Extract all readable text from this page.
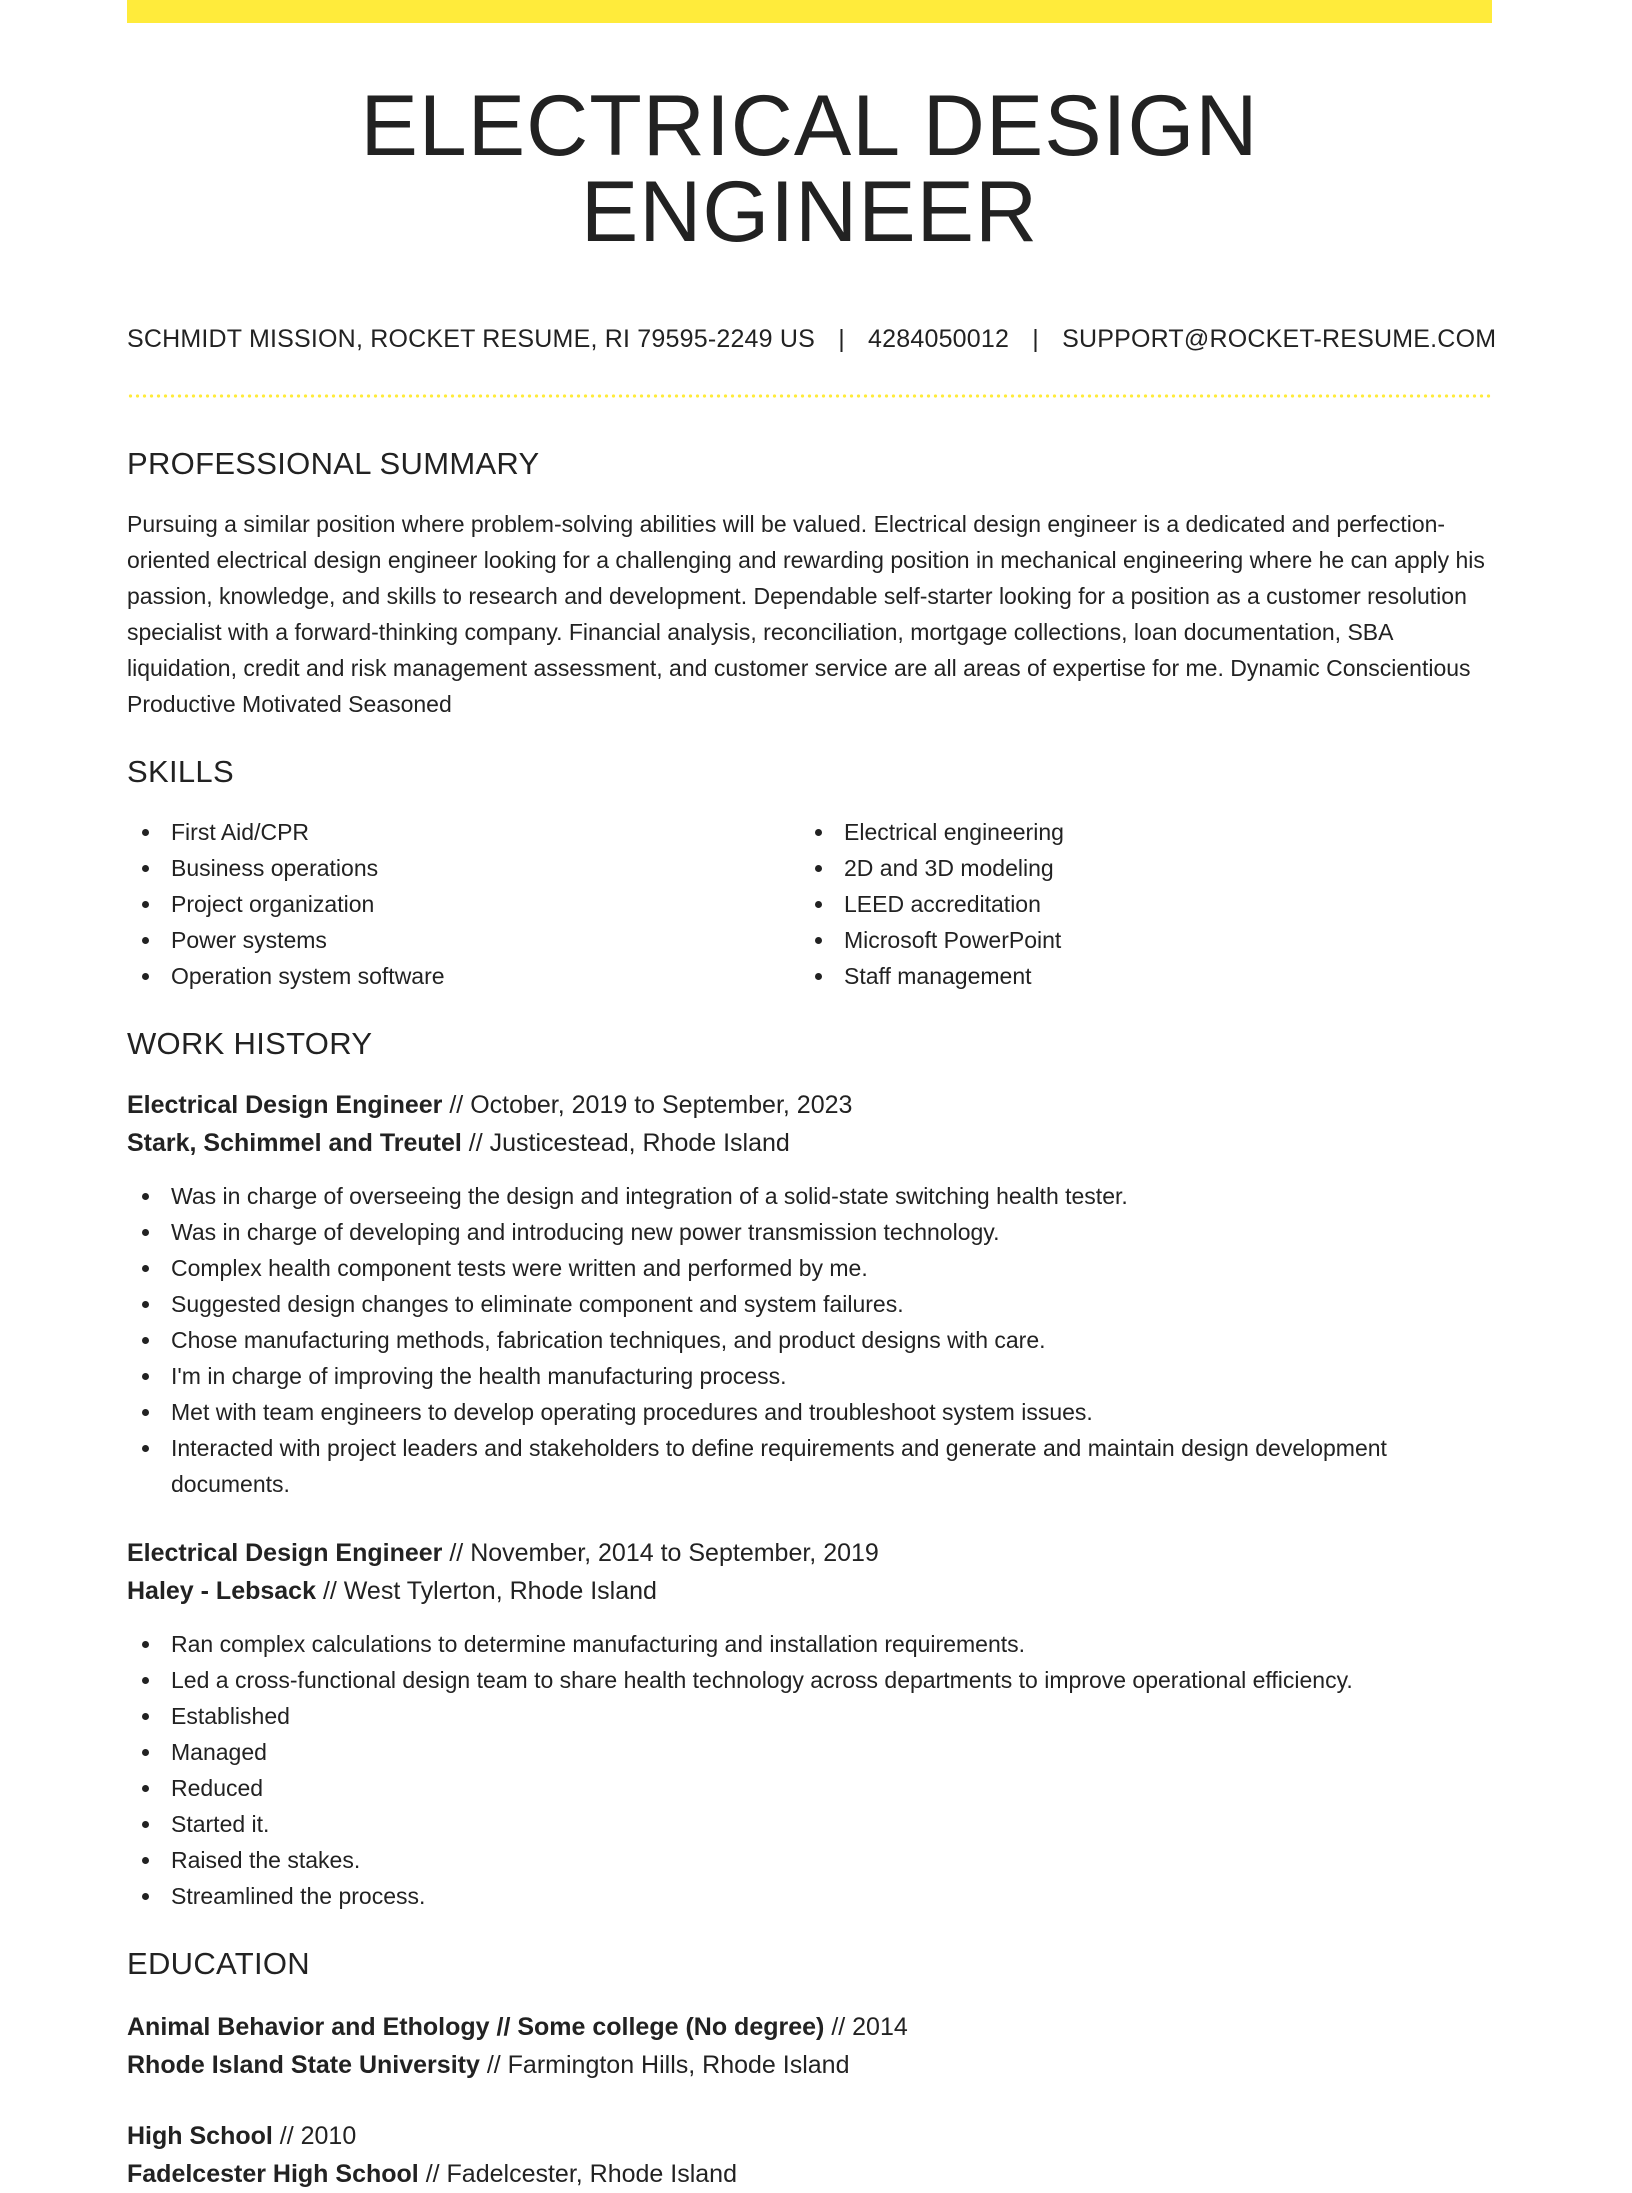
ELECTRICAL DESIGN ENGINEER
SCHMIDT MISSION, ROCKET RESUME, RI 79595-2249 US | 4284050012 | SUPPORT@ROCKET-RESUME.COM
PROFESSIONAL SUMMARY

Pursuing a similar position where problem-solving abilities will be valued. Electrical design engineer is a dedicated and perfection-oriented electrical design engineer looking for a challenging and rewarding position in mechanical engineering where he can apply his passion, knowledge, and skills to research and development. Dependable self-starter looking for a position as a customer resolution specialist with a forward-thinking company. Financial analysis, reconciliation, mortgage collections, loan documentation, SBA liquidation, credit and risk management assessment, and customer service are all areas of expertise for me. Dynamic Conscientious Productive Motivated Seasoned

SKILLS
First Aid/CPR
Business operations
Project organization
Power systems
Operation system software
Electrical engineering
2D and 3D modeling
LEED accreditation
Microsoft PowerPoint
Staff management
WORK HISTORY
Electrical Design Engineer // October, 2019 to September, 2023
Stark, Schimmel and Treutel // Justicestead, Rhode Island
Was in charge of overseeing the design and integration of a solid-state switching health tester.
Was in charge of developing and introducing new power transmission technology.
Complex health component tests were written and performed by me.
Suggested design changes to eliminate component and system failures.
Chose manufacturing methods, fabrication techniques, and product designs with care.
I'm in charge of improving the health manufacturing process.
Met with team engineers to develop operating procedures and troubleshoot system issues.
Interacted with project leaders and stakeholders to define requirements and generate and maintain design development documents.
Electrical Design Engineer // November, 2014 to September, 2019
Haley - Lebsack // West Tylerton, Rhode Island
Ran complex calculations to determine manufacturing and installation requirements.
Led a cross-functional design team to share health technology across departments to improve operational efficiency.
Established
Managed
Reduced
Started it.
Raised the stakes.
Streamlined the process.
EDUCATION
Animal Behavior and Ethology // Some college (No degree) // 2014
Rhode Island State University // Farmington Hills, Rhode Island
High School // 2010
Fadelcester High School // Fadelcester, Rhode Island
